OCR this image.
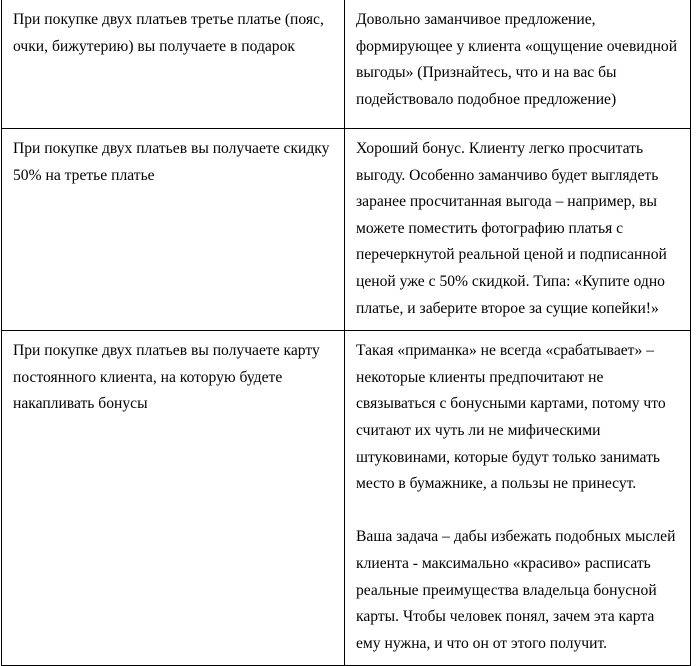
При покупке двух платьев третье платье (пояс, очки, бижутерию) вы получаете в подарок	Довольно заманчивое предложение, формирующее у клиента «ощущение очевидной выгоды» (Признайтесь, что и на вас бы подействовало подобное предложение)

При покупке двух платьев вы получаете скидку 50% на третье платье	Хороший бонус. Клиенту легко просчитать выгоду. Особенно заманчиво будет выглядеть заранее просчитанная выгода – например, вы можете поместить фотографию платья с перечеркнутой реальной ценой и подписанной ценой уже с 50% скидкой. Типа: «Купите одно платье, и заберите второе за сущие копейки!»

При покупке двух платьев вы получаете карту постоянного клиента, на которую будете накапливать бонусы	Такая «приманка» не всегда «срабатывает» – некоторые клиенты предпочитают не связываться с бонусными картами, потому что считают их чуть ли не мифическими штуковинами, которые будут только занимать место в бумажнике, а пользы не принесут.
Ваша задача – дабы избежать подобных мыслей клиента - максимально «красиво» расписать реальные преимущества владельца бонусной карты. Чтобы человек понял, зачем эта карта ему нужна, и что он от этого получит.
